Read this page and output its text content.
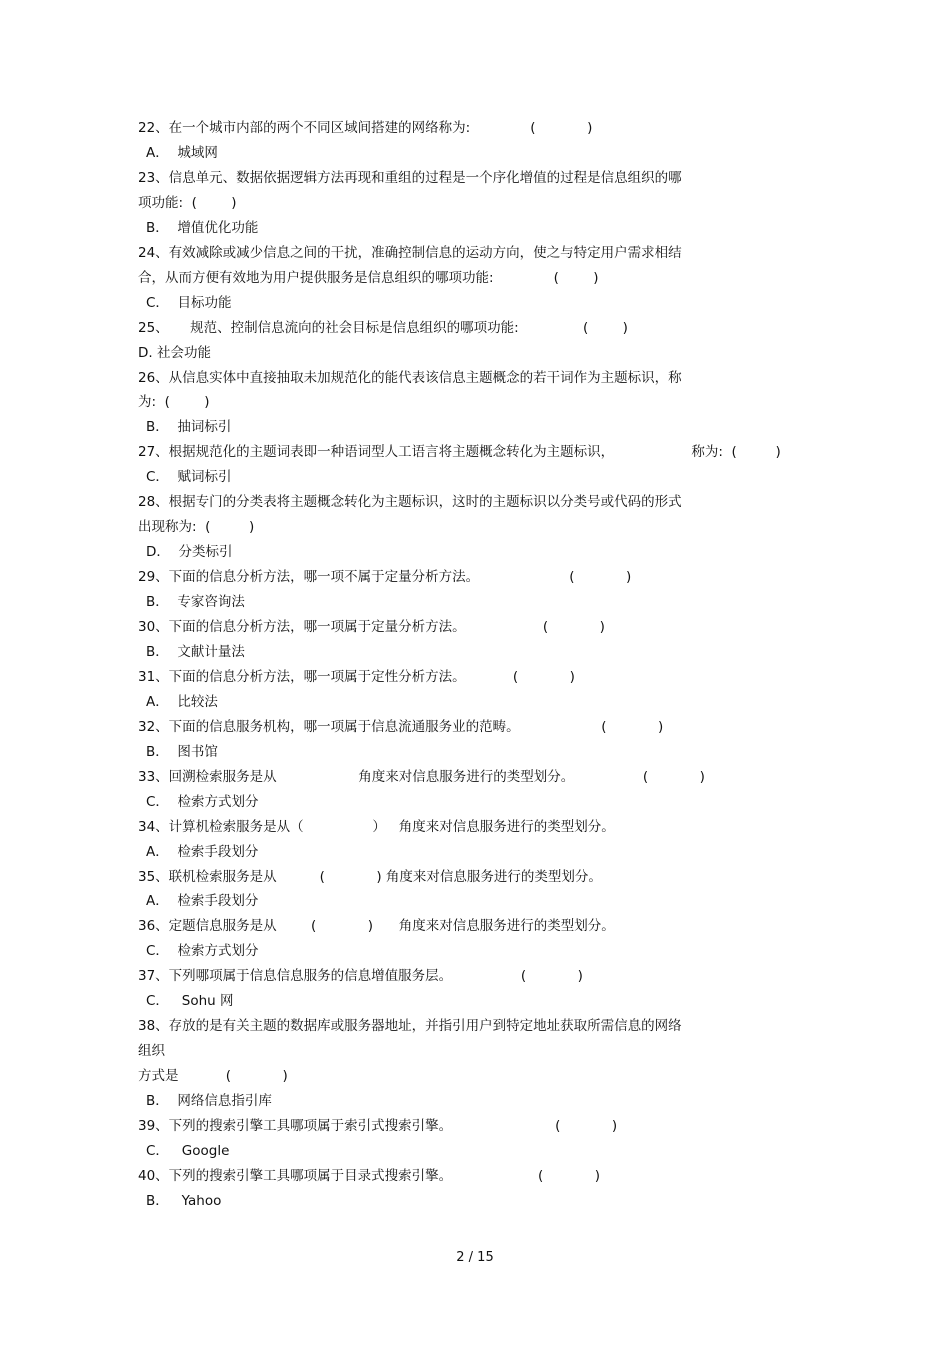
22、在一个城市内部的两个不同区域间搭建的网络称为:              (            )
A．  城域网
23、信息单元、数据依据逻辑方法再现和重组的过程是一个序化增值的过程是信息组织的哪
项功能:  (        )
B．  增值优化功能
24、有效减除或减少信息之间的干扰，准确控制信息的运动方向，使之与特定用户需求相结
合，从而方便有效地为用户提供服务是信息组织的哪项功能:              (        )
C．  目标功能
25、     规范、控制信息流向的社会目标是信息组织的哪项功能:               (        )
D. 社会功能
26、从信息实体中直接抽取未加规范化的能代表该信息主题概念的若干词作为主题标识，称
为:  (        )
B．  抽词标引
27、根据规范化的主题词表即一种语词型人工语言将主题概念转化为主题标识，                  称为:  (         )
C．  赋词标引
28、根据专门的分类表将主题概念转化为主题标识，这时的主题标识以分类号或代码的形式
出现称为:  (         )
D．  分类标引
29、下面的信息分析方法，哪一项不属于定量分析方法。                     (            )
B．  专家咨询法
30、下面的信息分析方法，哪一项属于定量分析方法。                  (            )
B．  文献计量法
31、下面的信息分析方法，哪一项属于定性分析方法。           (            )
A．  比较法
32、下面的信息服务机构，哪一项属于信息流通服务业的范畴。                   (            )
B．  图书馆
33、回溯检索服务是从                   角度来对信息服务进行的类型划分。                (            )
C．  检索方式划分
34、计算机检索服务是从（                ）   角度来对信息服务进行的类型划分。
A．  检索手段划分
35、联机检索服务是从          (            ) 角度来对信息服务进行的类型划分。
A．  检索手段划分
36、定题信息服务是从        (            )      角度来对信息服务进行的类型划分。
C．  检索方式划分
37、下列哪项属于信息信息服务的信息增值服务层。                (            )
C．   Sohu 网
38、存放的是有关主题的数据库或服务器地址，并指引用户到特定地址获取所需信息的网络
组织
方式是           (            )
B．  网络信息指引库
39、下列的搜索引擎工具哪项属于索引式搜索引擎。                        (            )
C．   Google
40、下列的搜索引擎工具哪项属于目录式搜索引擎。                    (            )
B．   Yahoo
2 / 15
